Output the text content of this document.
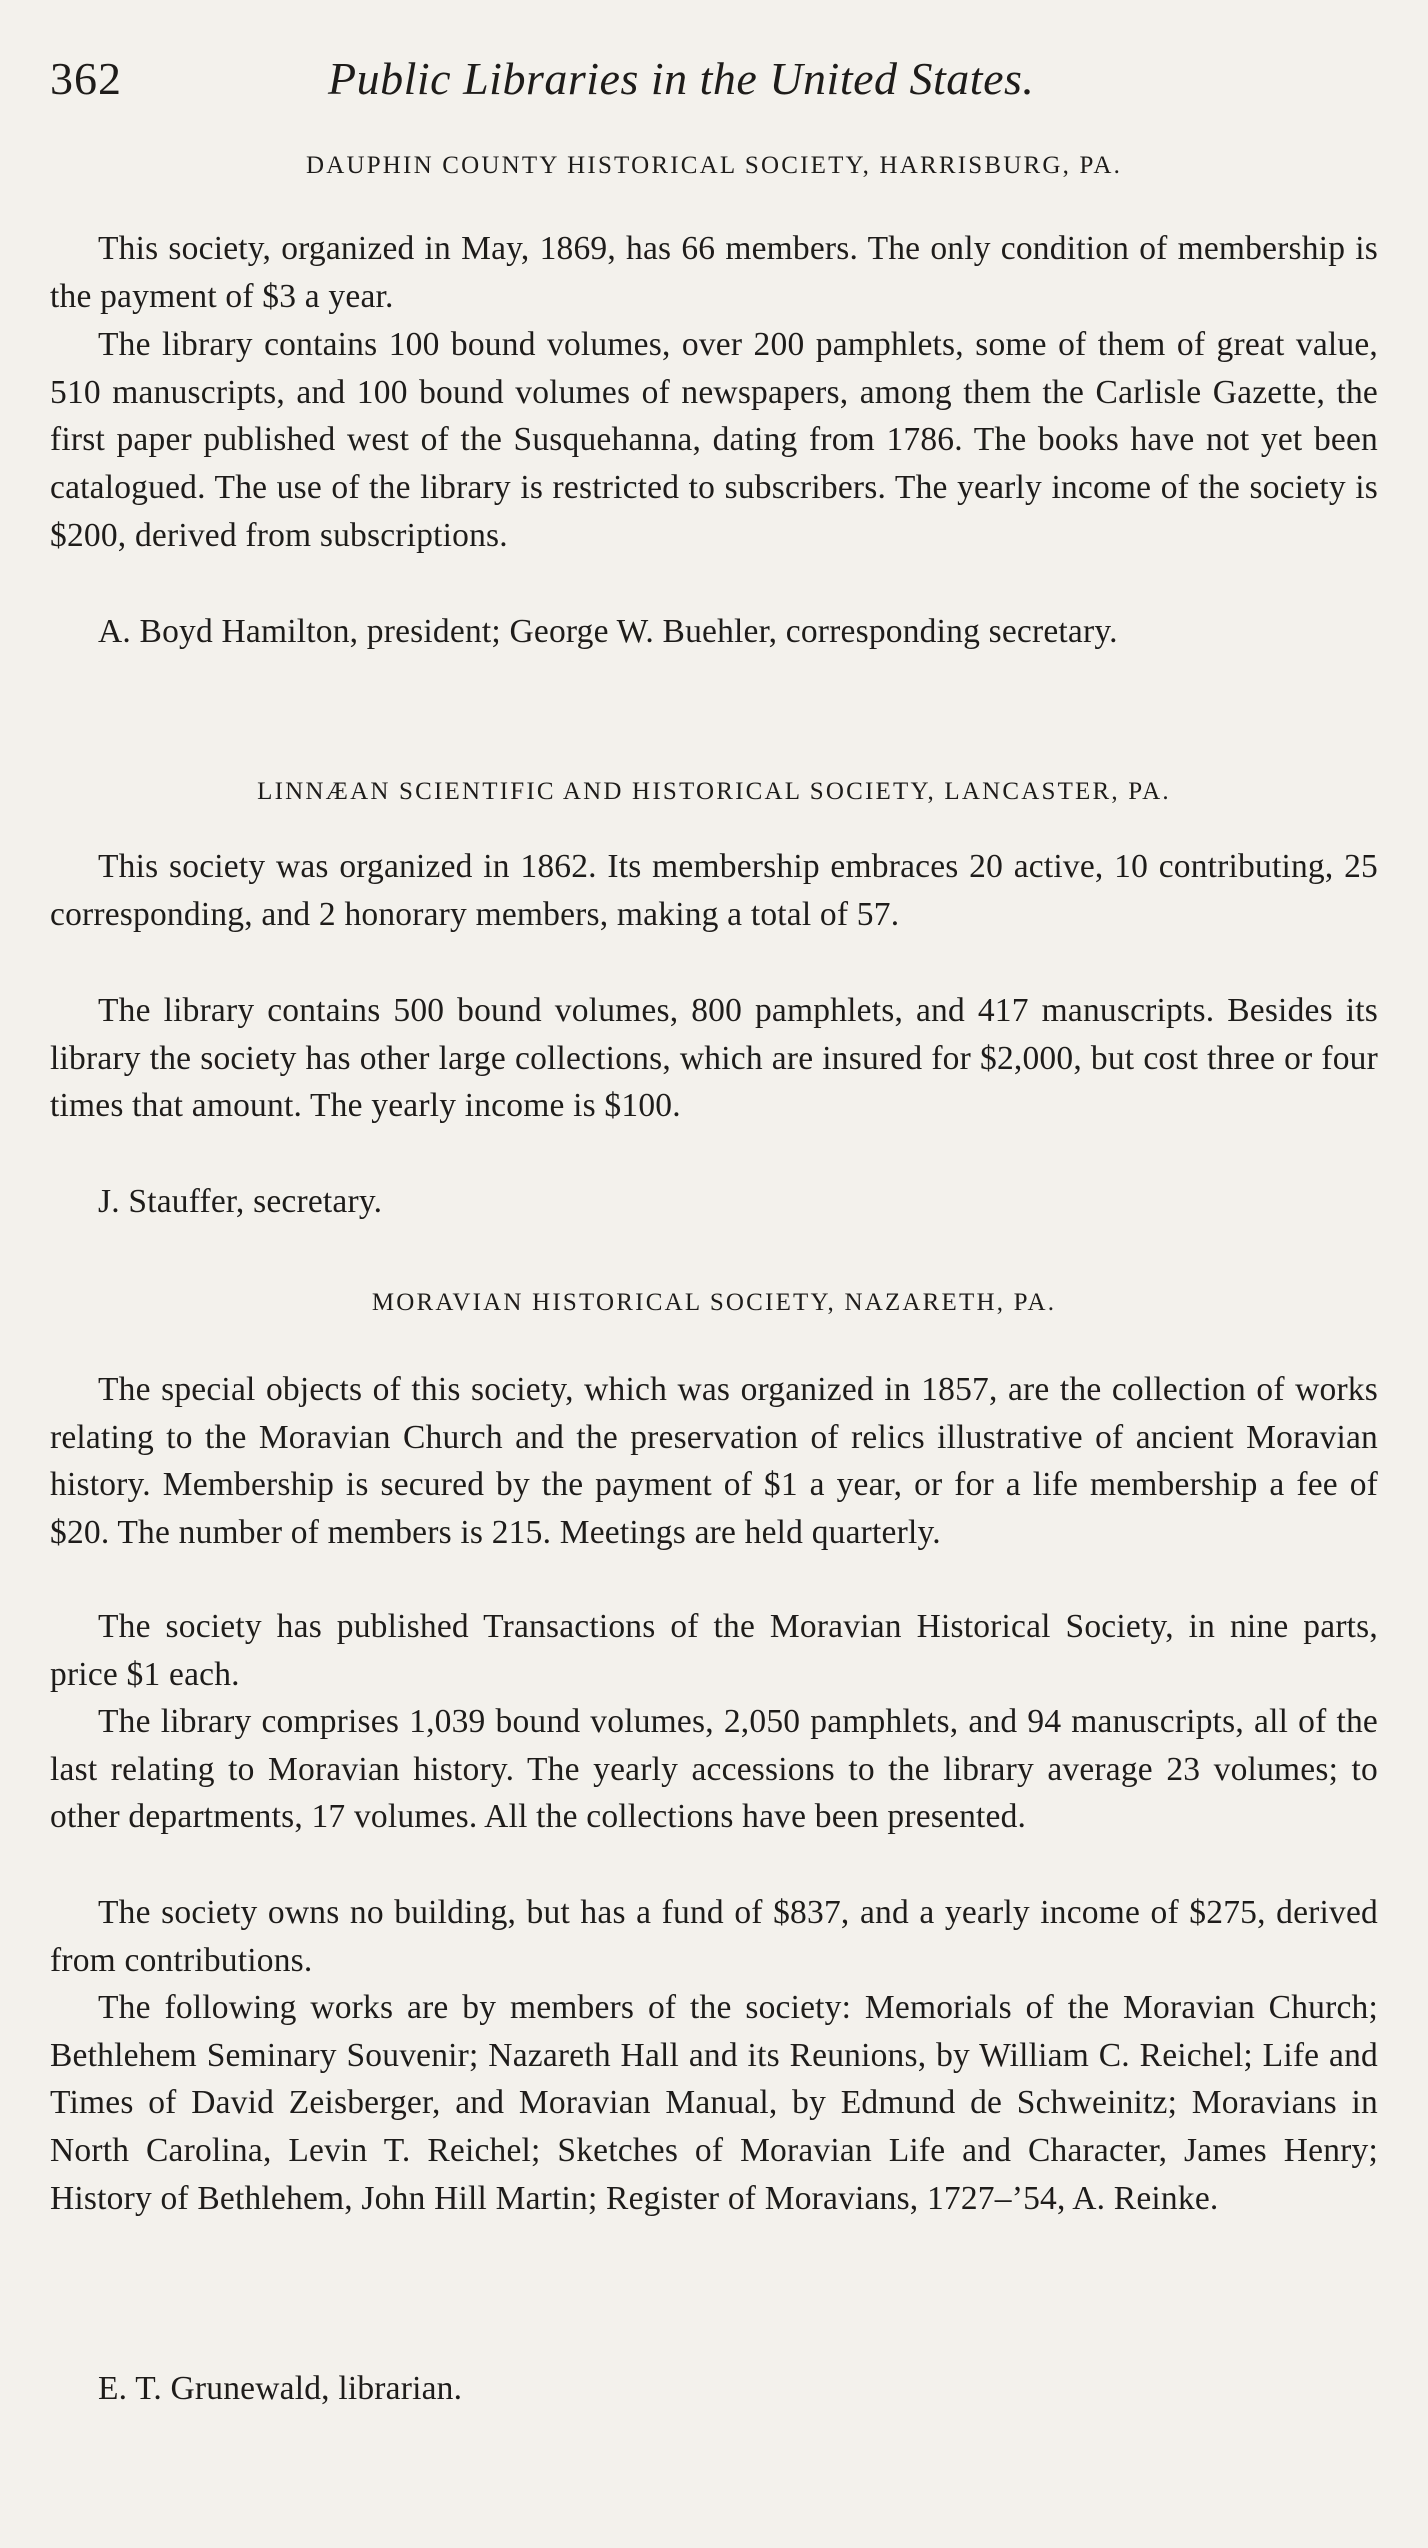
362	Public Libraries in the United States.
DAUPHIN COUNTY HISTORICAL SOCIETY, HARRISBURG, PA.

This society, organized in May, 1869, has 66 members. The only condition of membership is the payment of $3 a year.

The library contains 100 bound volumes, over 200 pamphlets, some of them of great value, 510 manuscripts, and 100 bound volumes of newspapers, among them the Carlisle Gazette, the first paper published west of the Susquehanna, dating from 1786. The books have not yet been catalogued. The use of the library is restricted to subscribers. The yearly income of the society is $200, derived from subscriptions.

A. Boyd Hamilton, president; George W. Buehler, corresponding secretary.

LINNÆAN SCIENTIFIC AND HISTORICAL SOCIETY, LANCASTER, PA.

This society was organized in 1862. Its membership embraces 20 active, 10 contributing, 25 corresponding, and 2 honorary members, making a total of 57.

The library contains 500 bound volumes, 800 pamphlets, and 417 manuscripts. Besides its library the society has other large collections, which are insured for $2,000, but cost three or four times that amount. The yearly income is $100.

J. Stauffer, secretary.

MORAVIAN HISTORICAL SOCIETY, NAZARETH, PA.

The special objects of this society, which was organized in 1857, are the collection of works relating to the Moravian Church and the preservation of relics illustrative of ancient Moravian history. Membership is secured by the payment of $1 a year, or for a life membership a fee of $20. The number of members is 215. Meetings are held quarterly.

The society has published Transactions of the Moravian Historical Society, in nine parts, price $1 each.

The library comprises 1,039 bound volumes, 2,050 pamphlets, and 94 manuscripts, all of the last relating to Moravian history. The yearly accessions to the library average 23 volumes; to other departments, 17 volumes. All the collections have been presented.

The society owns no building, but has a fund of $837, and a yearly income of $275, derived from contributions.

The following works are by members of the society: Memorials of the Moravian Church; Bethlehem Seminary Souvenir; Nazareth Hall and its Reunions, by William C. Reichel; Life and Times of David Zeisberger, and Moravian Manual, by Edmund de Schweinitz; Moravians in North Carolina, Levin T. Reichel; Sketches of Moravian Life and Character, James Henry; History of Bethlehem, John Hill Martin; Register of Moravians, 1727–’54, A. Reinke.

E. T. Grunewald, librarian.
